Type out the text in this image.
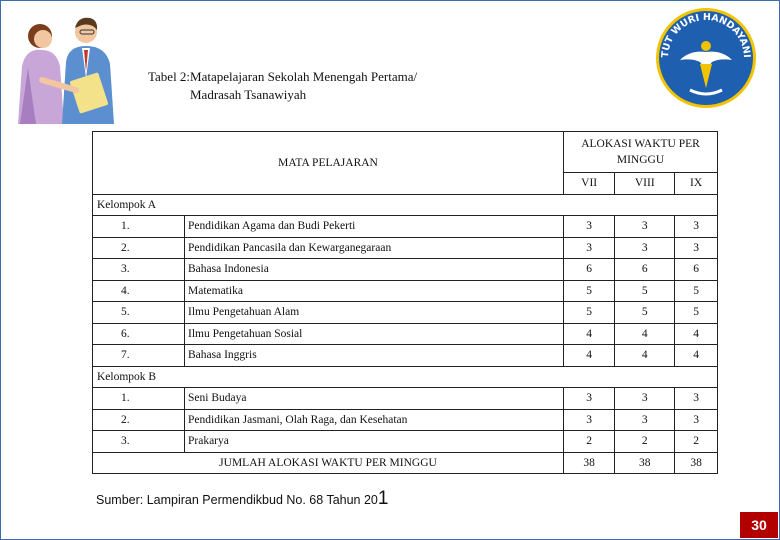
TUT WURI HANDAYANI
Tabel 2:Matapelajaran Sekolah Menengah Pertama/
Madrasah Tsanawiyah
MATA PELAJARAN		ALOKASI WAKTU PER MINGGU		
		VII	VIII	IX
Kelompok A				
1.	Pendidikan Agama dan Budi Pekerti	3	3	3
2.	Pendidikan Pancasila dan Kewarganegaraan	3	3	3
3.	Bahasa Indonesia	6	6	6
4.	Matematika	5	5	5
5.	Ilmu Pengetahuan Alam	5	5	5
6.	Ilmu Pengetahuan Sosial	4	4	4
7.	Bahasa Inggris	4	4	4
Kelompok B				
1.	Seni Budaya	3	3	3
2.	Pendidikan Jasmani, Olah Raga, dan Kesehatan	3	3	3
3.	Prakarya	2	2	2
JUMLAH ALOKASI WAKTU PER MINGGU		38	38	38
Sumber: Lampiran Permendikbud No. 68 Tahun 201
30
